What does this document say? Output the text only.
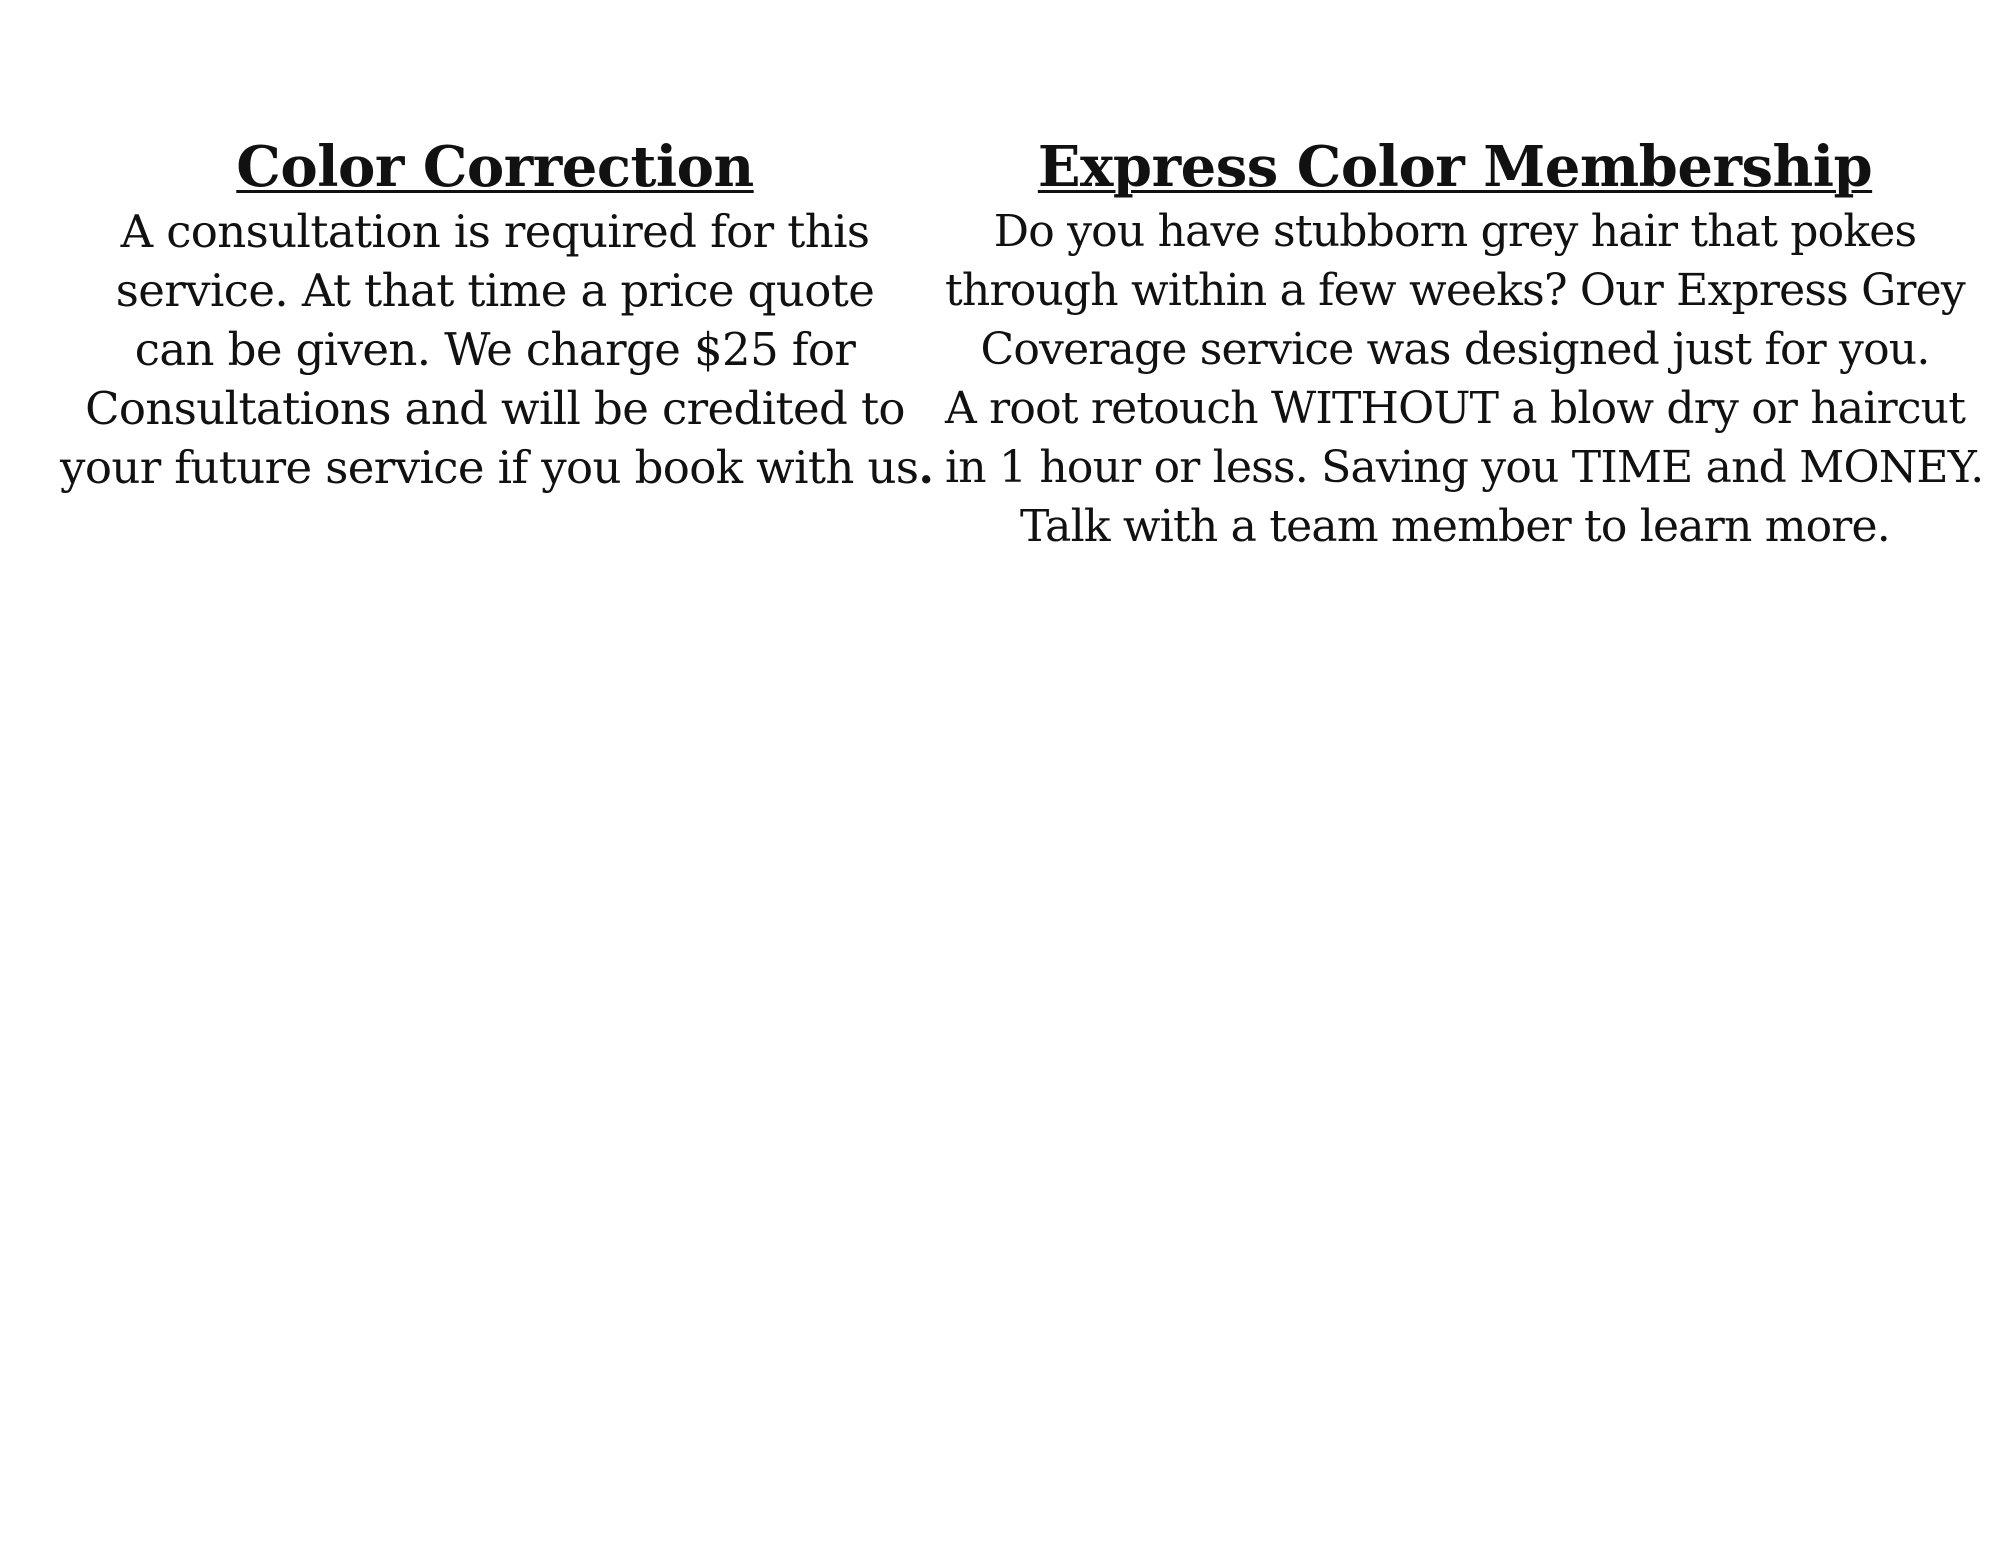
Color Correction
A consultation is required for this
service. At that time a price quote
can be given. We charge $25 for
Consultations and will be credited to
your future service if you book with us.
Express Color Membership
Do you have stubborn grey hair that pokes
through within a few weeks? Our Express Grey
Coverage service was designed just for you.
A root retouch WITHOUT a blow dry or haircut
in 1 hour or less. Saving you TIME and MONEY.
Talk with a team member to learn more.
